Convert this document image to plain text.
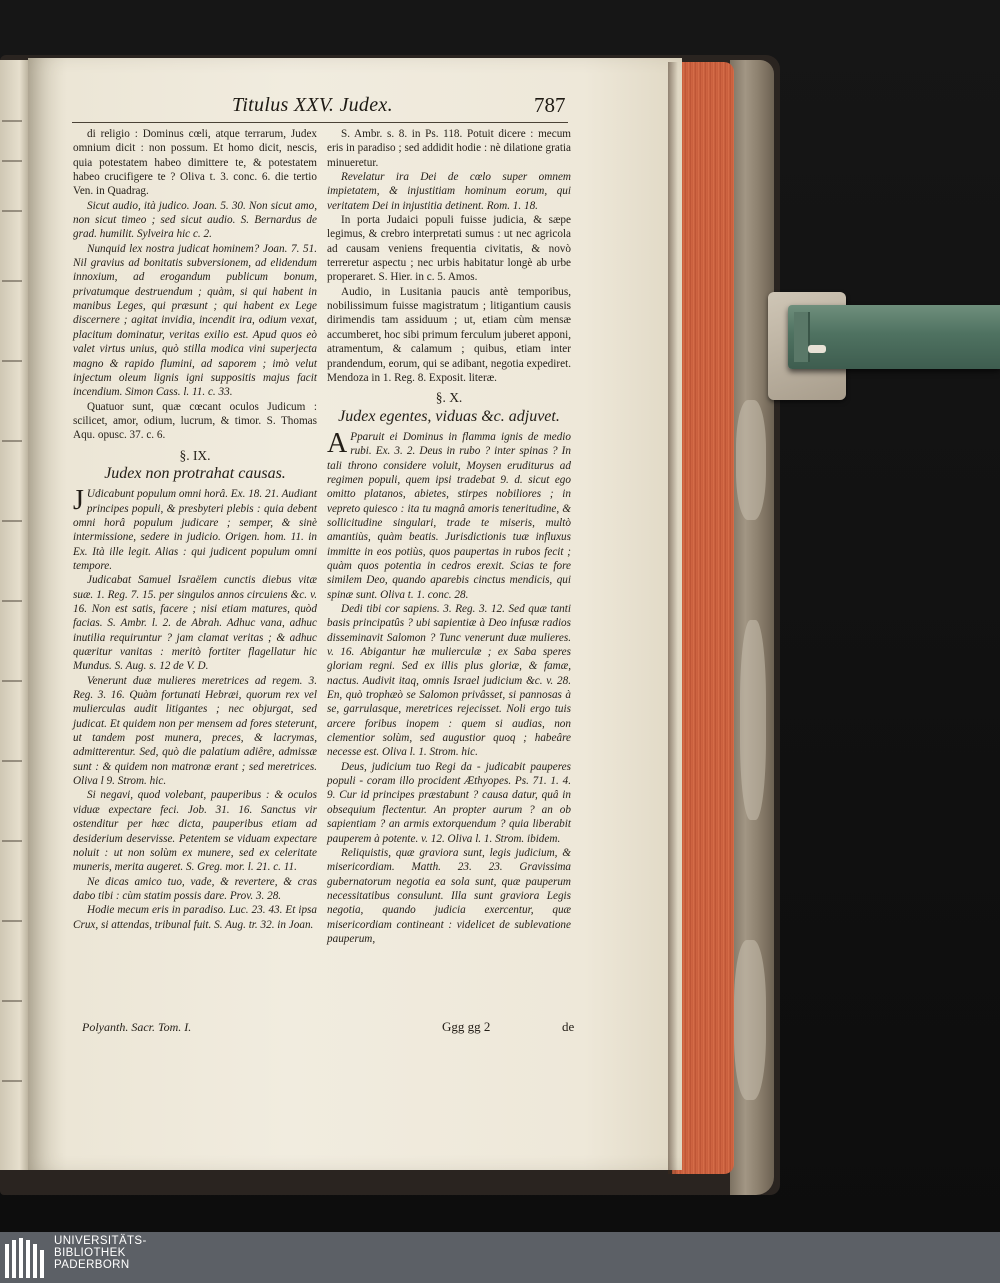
Titulus XXV. Judex.	787

di religio : Dominus cœli, atque terrarum, Judex omnium dicit : non possum. Et homo dicit, nescis, quia potestatem habeo dimittere te, & potestatem habeo crucifigere te ? Oliva t. 3. conc. 6. die tertio Ven. in Quadrag.

Sicut audio, ità judico. Joan. 5. 30. Non sicut amo, non sicut timeo ; sed sicut audio. S. Bernardus de grad. humilit. Sylveira hic c. 2.

Nunquid lex nostra judicat hominem? Joan. 7. 51. Nil gravius ad bonitatis subversionem, ad elidendum innoxium, ad erogandum publicum bonum, privatumque destruendum ; quàm, si qui habent in manibus Leges, qui præsunt ; qui habent ex Lege discernere ; agitat invidia, incendit ira, odium vexat, placitum dominatur, veritas exilio est. Apud quos eò valet virtus unius, quò stilla modica vini superjecta magno & rapido flumini, ad saporem ; imò velut injectum oleum lignis igni suppositis majus facit incendium. Simon Cass. l. 11. c. 33.

Quatuor sunt, quæ cœcant oculos Judicum : scilicet, amor, odium, lucrum, & timor. S. Thomas Aqu. opusc. 37. c. 6.

§. IX.
Judex non protrahat causas.

J Udicabunt populum omni horâ. Ex. 18. 21. Audiant principes populi, & presbyteri plebis : quia debent omni horâ populum judicare ; semper, & sinè intermissione, sedere in judicio. Origen. hom. 11. in Ex. Ità ille legit. Alias : qui judicent populum omni tempore.

Judicabat Samuel Israëlem cunctis diebus vitæ suæ. 1. Reg. 7. 15. per singulos annos circuiens &c. v. 16. Non est satis, facere ; nisi etiam matures, quòd facias. S. Ambr. l. 2. de Abrah. Adhuc vana, adhuc inutilia requiruntur ? jam clamat veritas ; & adhuc quæritur vanitas : meritò fortiter flagellatur hic Mundus. S. Aug. s. 12 de V. D.

Venerunt duæ mulieres meretrices ad regem. 3. Reg. 3. 16. Quàm fortunati Hebræi, quorum rex vel mulierculas audit litigantes ; nec objurgat, sed judicat. Et quidem non per mensem ad fores steterunt, ut tandem post munera, preces, & lacrymas, admitterentur. Sed, quò die palatium adiêre, admissæ sunt : & quidem non matronæ erant ; sed meretrices. Oliva l 9. Strom. hic.

Si negavi, quod volebant, pauperibus : & oculos viduæ expectare feci. Job. 31. 16. Sanctus vir ostenditur per hæc dicta, pauperibus etiam ad desiderium deservisse. Petentem se viduam expectare noluit : ut non solùm ex munere, sed ex celeritate muneris, merita augeret. S. Greg. mor. l. 21. c. 11.

Ne dicas amico tuo, vade, & revertere, & cras dabo tibi : cùm statim possis dare. Prov. 3. 28.

Hodie mecum eris in paradiso. Luc. 23. 43. Et ipsa Crux, si attendas, tribunal fuit. S. Aug. tr. 32. in Joan.

S. Ambr. s. 8. in Ps. 118. Potuit dicere : mecum eris in paradiso ; sed addidit hodie : nè dilatione gratia minueretur.

Revelatur ira Dei de cœlo super omnem impietatem, & injustitiam hominum eorum, qui veritatem Dei in injustitia detinent. Rom. 1. 18.

In porta Judaici populi fuisse judicia, & sæpe legimus, & crebro interpretati sumus : ut nec agricola ad causam veniens frequentia civitatis, & novò terreretur aspectu ; nec urbis habitatur longè ab urbe properaret. S. Hier. in c. 5. Amos.

Audio, in Lusitania paucis antè temporibus, nobilissimum fuisse magistratum ; litigantium causis dirimendis tam assiduum ; ut, etiam cùm mensæ accumberet, hoc sibi primum ferculum juberet apponi, atramentum, & calamum ; quibus, etiam inter prandendum, eorum, qui se adibant, negotia expediret. Mendoza in 1. Reg. 8. Exposit. literæ.

§. X.
Judex egentes, viduas &c. adjuvet.

A Pparuit ei Dominus in flamma ignis de medio rubi. Ex. 3. 2. Deus in rubo ? inter spinas ? In tali throno considere voluit, Moysen eruditurus ad regimen populi, quem ipsi tradebat 9. d. sicut ego omitto platanos, abietes, stirpes nobiliores ; in vepreto quiesco : ita tu magnâ amoris teneritudine, & sollicitudine singulari, trade te miseris, multò amantiùs, quàm beatis. Jurisdictionis tuæ influxus immitte in eos potiùs, quos paupertas in rubos fecit ; quàm quos potentia in cedros erexit. Scias te fore similem Deo, quando aparebis cinctus mendicis, qui spinæ sunt. Oliva t. 1. conc. 28.

Dedi tibi cor sapiens. 3. Reg. 3. 12. Sed quæ tanti basis principatûs ? ubi sapientiæ à Deo infusæ radios disseminavit Salomon ? Tunc venerunt duæ mulieres. v. 16. Abigantur hæ mulierculæ ; ex Saba speres gloriam regni. Sed ex illis plus gloriæ, & famæ, nactus. Audivit itaq, omnis Israel judicium &c. v. 28. En, quò trophæò se Salomon privâsset, si pannosas à se, garrulasque, meretrices rejecisset. Noli ergo tuis arcere foribus inopem : quem si audias, non clementior solùm, sed augustior quoq ; habeâre necesse est. Oliva l. 1. Strom. hic.

Deus, judicium tuo Regi da - judicabit pauperes populi - coram illo procident Æthyopes. Ps. 71. 1. 4. 9. Cur id principes præstabunt ? causa datur, quâ in obsequium flectentur. An propter aurum ? an ob sapientiam ? an armis extorquendum ? quia liberabit pauperem à potente. v. 12. Oliva l. 1. Strom. ibidem.

Reliquistis, quæ graviora sunt, legis judicium, & misericordiam. Matth. 23. 23. Gravissima gubernatorum negotia ea sola sunt, quæ pauperum necessitatibus consulunt. Illa sunt graviora Legis negotia, quando judicia exercentur, quæ misericordiam contineant : videlicet de sublevatione pauperum,

Polyanth. Sacr. Tom. I.	Ggg gg 2	de
UNIVERSITÄTS-
BIBLIOTHEK
PADERBORN
